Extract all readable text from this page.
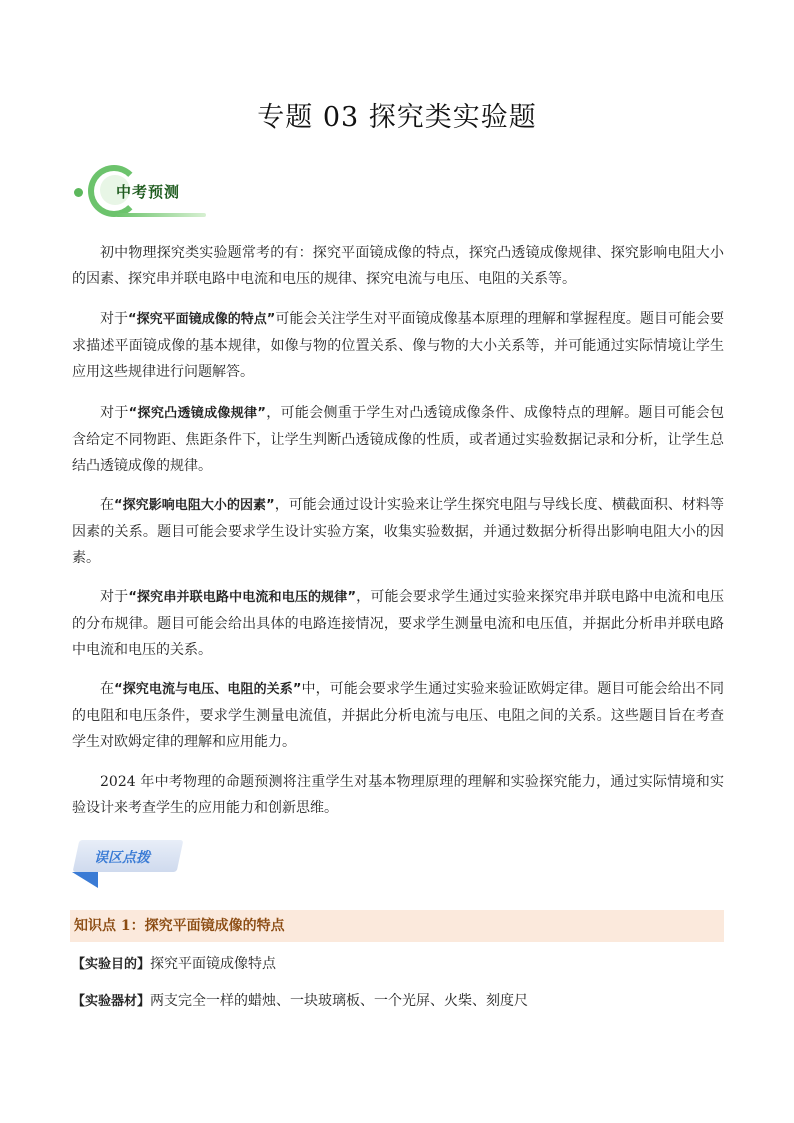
专题 03 探究类实验题
中考预测

初中物理探究类实验题常考的有：探究平面镜成像的特点，探究凸透镜成像规律、探究影响电阻大小的因素、探究串并联电路中电流和电压的规律、探究电流与电压、电阻的关系等。

对于“探究平面镜成像的特点”可能会关注学生对平面镜成像基本原理的理解和掌握程度。题目可能会要求描述平面镜成像的基本规律，如像与物的位置关系、像与物的大小关系等，并可能通过实际情境让学生应用这些规律进行问题解答。

对于“探究凸透镜成像规律”，可能会侧重于学生对凸透镜成像条件、成像特点的理解。题目可能会包含给定不同物距、焦距条件下，让学生判断凸透镜成像的性质，或者通过实验数据记录和分析，让学生总结凸透镜成像的规律。

在“探究影响电阻大小的因素”，可能会通过设计实验来让学生探究电阻与导线长度、横截面积、材料等因素的关系。题目可能会要求学生设计实验方案，收集实验数据，并通过数据分析得出影响电阻大小的因素。

对于“探究串并联电路中电流和电压的规律”，可能会要求学生通过实验来探究串并联电路中电流和电压的分布规律。题目可能会给出具体的电路连接情况，要求学生测量电流和电压值，并据此分析串并联电路中电流和电压的关系。

在“探究电流与电压、电阻的关系”中，可能会要求学生通过实验来验证欧姆定律。题目可能会给出不同的电阻和电压条件，要求学生测量电流值，并据此分析电流与电压、电阻之间的关系。这些题目旨在考查学生对欧姆定律的理解和应用能力。

2024 年中考物理的命题预测将注重学生对基本物理原理的理解和实验探究能力，通过实际情境和实验设计来考查学生的应用能力和创新思维。

误区点拨
知识点 1：探究平面镜成像的特点
【实验目的】探究平面镜成像特点
【实验器材】两支完全一样的蜡烛、一块玻璃板、一个光屏、火柴、刻度尺
